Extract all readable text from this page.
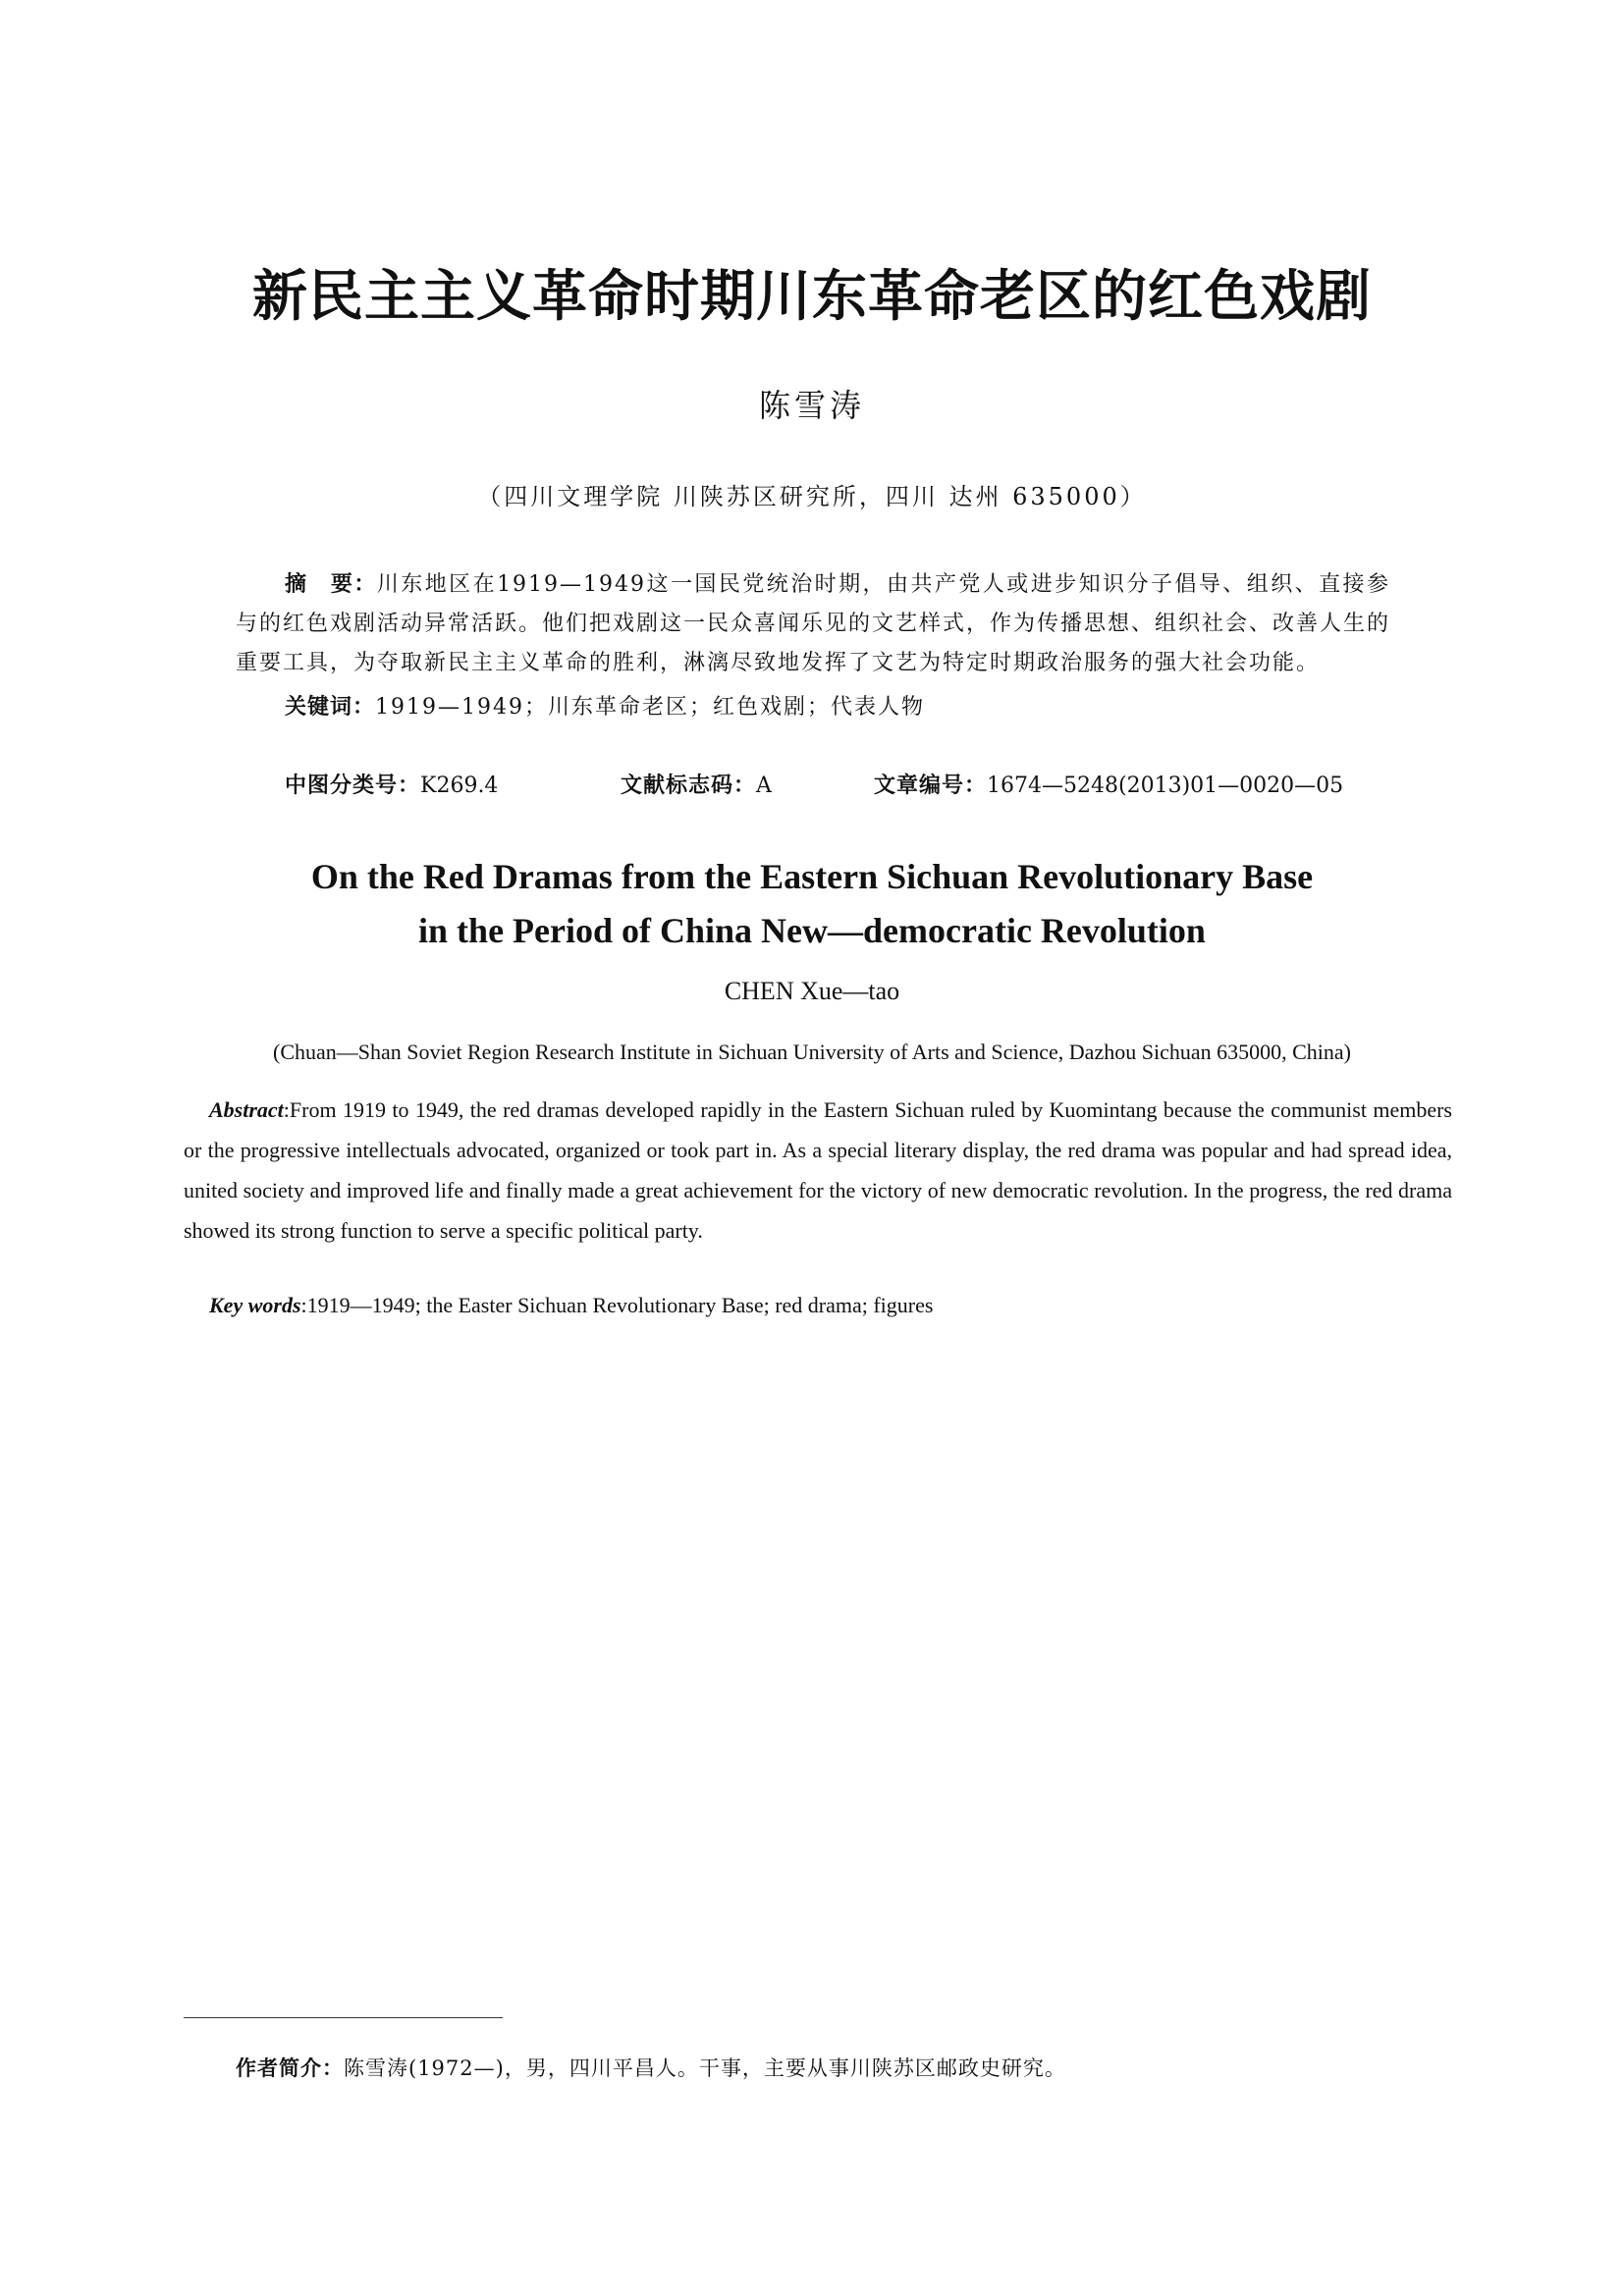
新民主主义革命时期川东革命老区的红色戏剧
陈雪涛
（四川文理学院 川陕苏区研究所，四川 达州 635000）

摘　要：川东地区在1919—1949这一国民党统治时期，由共产党人或进步知识分子倡导、组织、直接参与的红色戏剧活动异常活跃。他们把戏剧这一民众喜闻乐见的文艺样式，作为传播思想、组织社会、改善人生的重要工具，为夺取新民主主义革命的胜利，淋漓尽致地发挥了文艺为特定时期政治服务的强大社会功能。

关键词：1919—1949；川东革命老区；红色戏剧；代表人物
中图分类号：K269.4	文献标志码：A	文章编号：1674—5248(2013)01—0020—05
On the Red Dramas from the Eastern Sichuan Revolutionary Base
in the Period of China New—democratic Revolution
CHEN Xue—tao
(Chuan—Shan Soviet Region Research Institute in Sichuan University of Arts and Science, Dazhou Sichuan 635000, China)

Abstract:From 1919 to 1949, the red dramas developed rapidly in the Eastern Sichuan ruled by Kuomintang because the communist members or the progressive intellectuals advocated, organized or took part in. As a special literary display, the red drama was popular and had spread idea, united society and improved life and finally made a great achievement for the victory of new democratic revolution. In the progress, the red drama showed its strong function to serve a specific political party.

Key words:1919—1949; the Easter Sichuan Revolutionary Base; red drama; figures
作者简介：陈雪涛(1972—)，男，四川平昌人。干事，主要从事川陕苏区邮政史研究。
